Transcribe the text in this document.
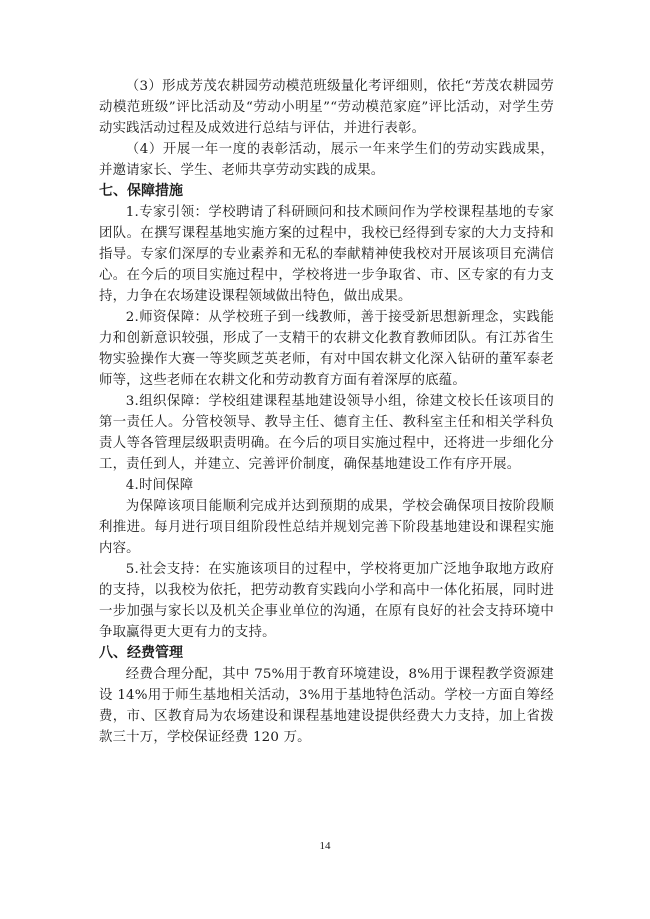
（3）形成芳茂农耕园劳动模范班级量化考评细则，依托“芳茂农耕园劳动模范班级”评比活动及“劳动小明星”“劳动模范家庭”评比活动，对学生劳动实践活动过程及成效进行总结与评估，并进行表彰。

（4）开展一年一度的表彰活动，展示一年来学生们的劳动实践成果，并邀请家长、学生、老师共享劳动实践的成果。

七、保障措施

1.专家引领：学校聘请了科研顾问和技术顾问作为学校课程基地的专家团队。在撰写课程基地实施方案的过程中，我校已经得到专家的大力支持和指导。专家们深厚的专业素养和无私的奉献精神使我校对开展该项目充满信心。在今后的项目实施过程中，学校将进一步争取省、市、区专家的有力支持，力争在农场建设课程领域做出特色，做出成果。

2.师资保障：从学校班子到一线教师，善于接受新思想新理念，实践能力和创新意识较强，形成了一支精干的农耕文化教育教师团队。有江苏省生物实验操作大赛一等奖顾芝英老师，有对中国农耕文化深入钻研的董军泰老师等，这些老师在农耕文化和劳动教育方面有着深厚的底蕴。

3.组织保障：学校组建课程基地建设领导小组，徐建文校长任该项目的第一责任人。分管校领导、教导主任、德育主任、教科室主任和相关学科负责人等各管理层级职责明确。在今后的项目实施过程中，还将进一步细化分工，责任到人，并建立、完善评价制度，确保基地建设工作有序开展。

4.时间保障

为保障该项目能顺利完成并达到预期的成果，学校会确保项目按阶段顺利推进。每月进行项目组阶段性总结并规划完善下阶段基地建设和课程实施内容。

5.社会支持：在实施该项目的过程中，学校将更加广泛地争取地方政府的支持，以我校为依托，把劳动教育实践向小学和高中一体化拓展，同时进一步加强与家长以及机关企事业单位的沟通，在原有良好的社会支持环境中争取赢得更大更有力的支持。

八、经费管理

经费合理分配，其中 75%用于教育环境建设，8%用于课程教学资源建设 14%用于师生基地相关活动，3%用于基地特色活动。学校一方面自筹经费，市、区教育局为农场建设和课程基地建设提供经费大力支持，加上省拨款三十万，学校保证经费 120 万。

14
